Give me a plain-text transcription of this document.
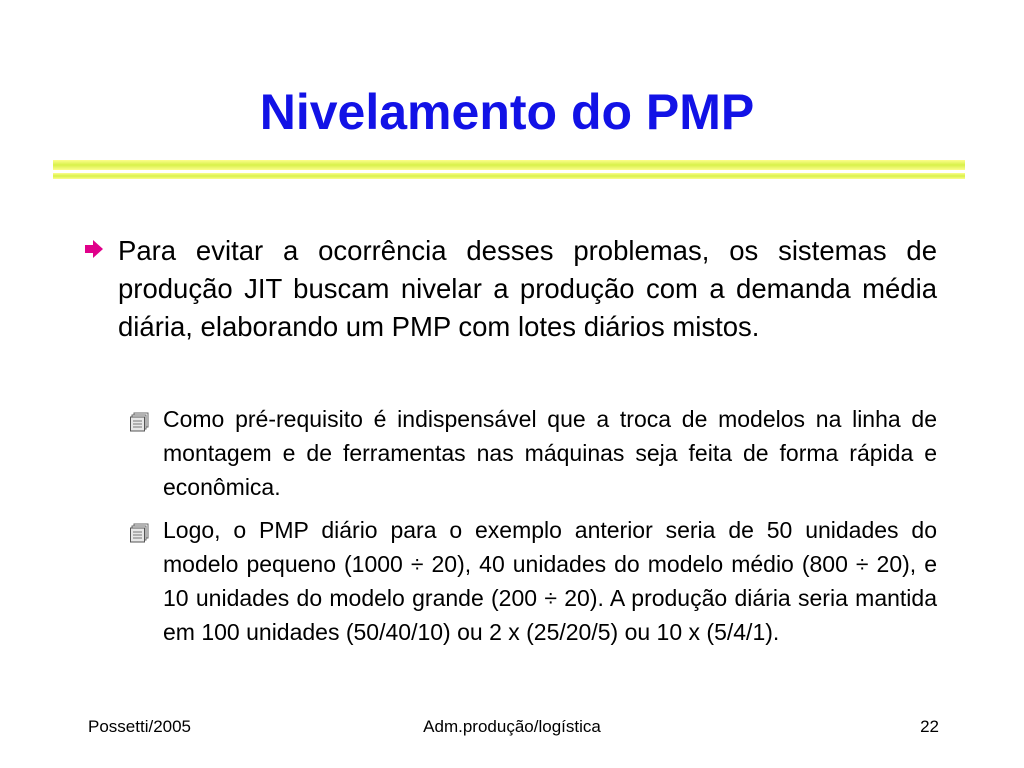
Nivelamento do PMP

Para evitar a ocorrência desses problemas, os sistemas de produção JIT buscam nivelar a produção com a demanda média diária, elaborando um PMP com lotes diários mistos.

Como pré-requisito é indispensável que a troca de modelos na linha de montagem e de ferramentas nas máquinas seja feita de forma rápida e econômica.

Logo, o PMP diário para o exemplo anterior seria de 50 unidades do modelo pequeno (1000 ÷ 20), 40 unidades do modelo médio (800 ÷ 20), e 10 unidades do modelo grande (200 ÷ 20). A produção diária seria mantida em 100 unidades (50/40/10) ou 2 x (25/20/5) ou 10 x (5/4/1).

Possetti/2005	Adm.produção/logística	22
